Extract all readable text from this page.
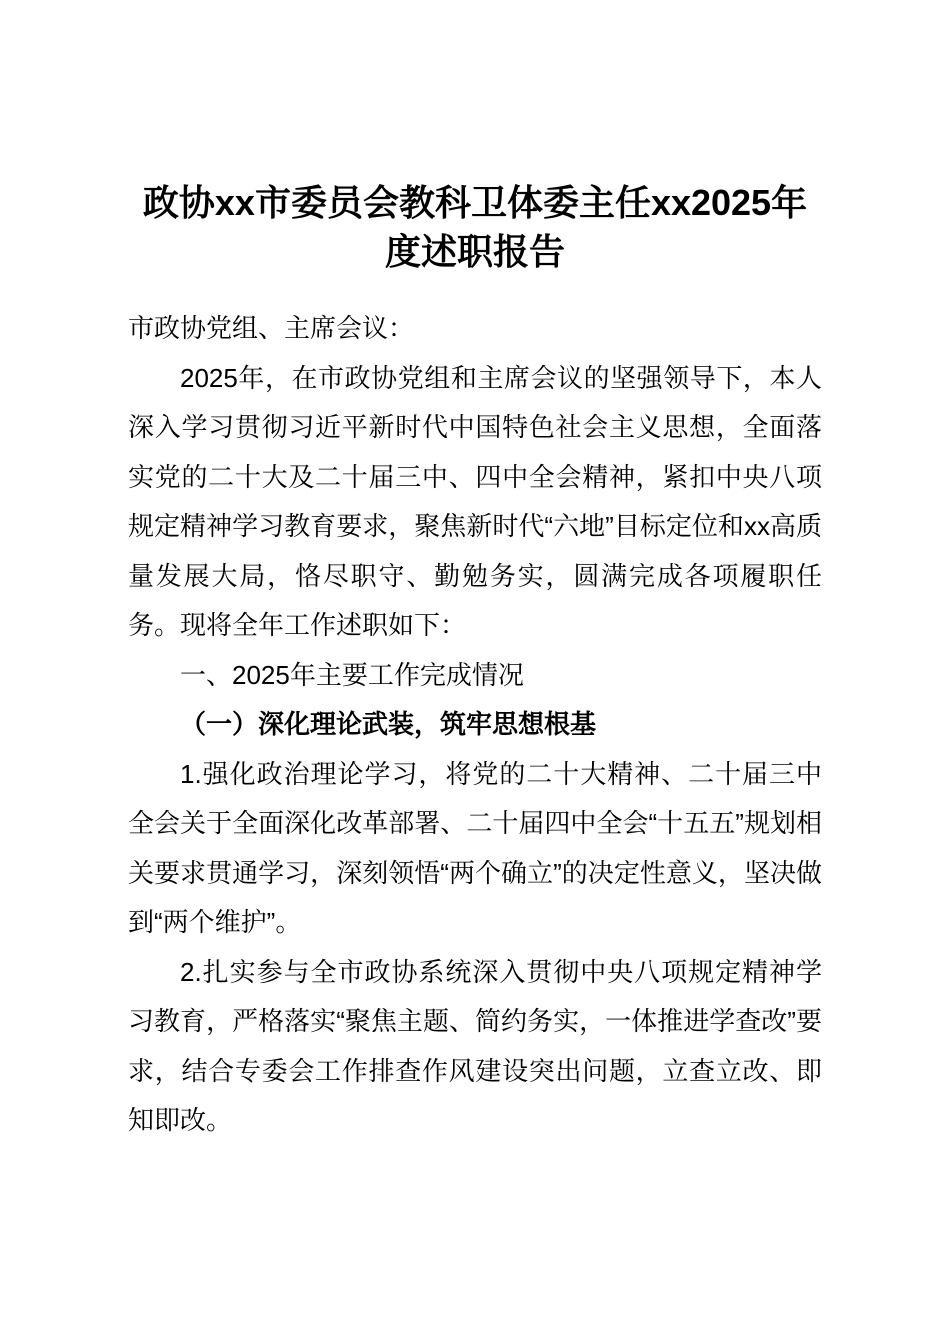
政协xx市委员会教科卫体委主任xx2025年
度述职报告

市政协党组、主席会议：

2025年，在市政协党组和主席会议的坚强领导下，本人深入学习贯彻习近平新时代中国特色社会主义思想，全面落实党的二十大及二十届三中、四中全会精神，紧扣中央八项规定精神学习教育要求，聚焦新时代“六地”目标定位和xx高质量发展大局，恪尽职守、勤勉务实，圆满完成各项履职任务。现将全年工作述职如下：

一、2025年主要工作完成情况

（一）深化理论武装，筑牢思想根基

1.强化政治理论学习，将党的二十大精神、二十届三中全会关于全面深化改革部署、二十届四中全会“十五五”规划相关要求贯通学习，深刻领悟“两个确立”的决定性意义，坚决做到“两个维护”。

2.扎实参与全市政协系统深入贯彻中央八项规定精神学习教育，严格落实“聚焦主题、简约务实，一体推进学查改”要求，结合专委会工作排查作风建设突出问题，立查立改、即知即改。
